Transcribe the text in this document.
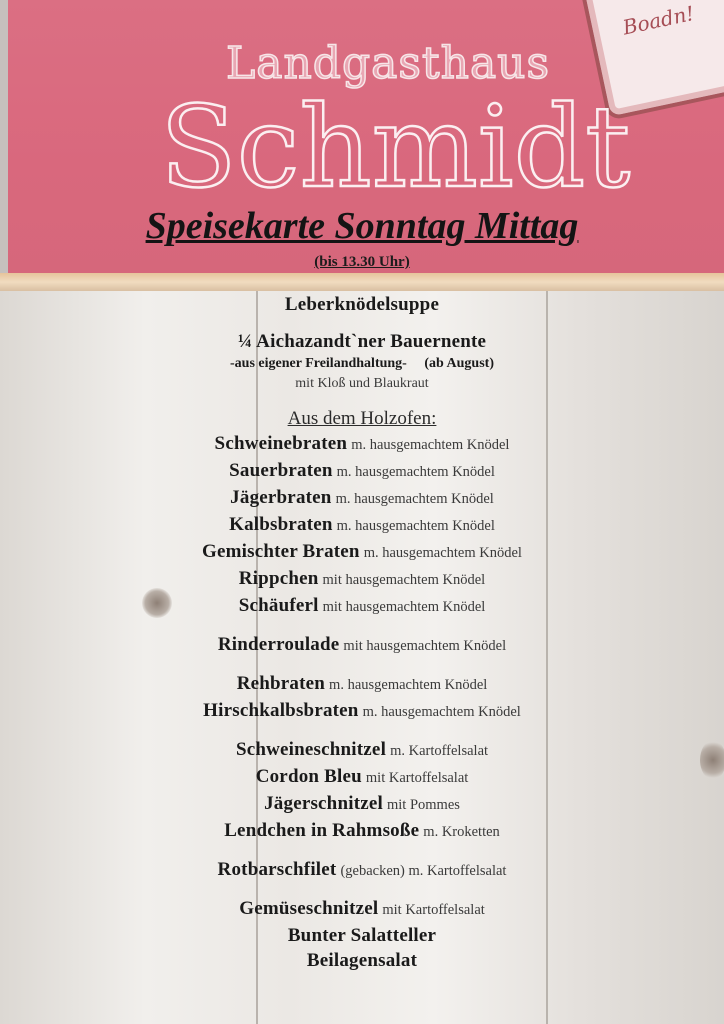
Boadn!
Landgasthaus
Schmidt
Speisekarte Sonntag Mittag
(bis 13.30 Uhr)
Leberknödelsuppe
¼ Aichazandt`ner Bauernente
-aus eigener Freilandhaltung- (ab August)
mit Kloß und Blaukraut
Aus dem Holzofen:
Schweinebraten m. hausgemachtem Knödel
Sauerbraten m. hausgemachtem Knödel
Jägerbraten m. hausgemachtem Knödel
Kalbsbraten m. hausgemachtem Knödel
Gemischter Braten m. hausgemachtem Knödel
Rippchen mit hausgemachtem Knödel
Schäuferl mit hausgemachtem Knödel
Rinderroulade mit hausgemachtem Knödel
Rehbraten m. hausgemachtem Knödel
Hirschkalbsbraten m. hausgemachtem Knödel
Schweineschnitzel m. Kartoffelsalat
Cordon Bleu mit Kartoffelsalat
Jägerschnitzel mit Pommes
Lendchen in Rahmsoße m. Kroketten
Rotbarschfilet (gebacken) m. Kartoffelsalat
Gemüseschnitzel mit Kartoffelsalat
Bunter Salatteller
Beilagensalat
